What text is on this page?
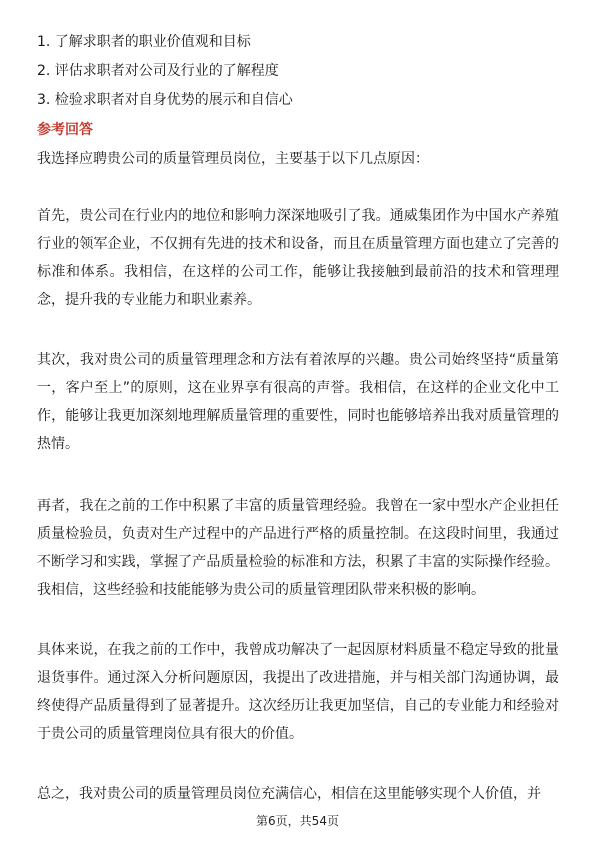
1. 了解求职者的职业价值观和目标
2. 评估求职者对公司及行业的了解程度
3. 检验求职者对自身优势的展示和自信心
参考回答
我选择应聘贵公司的质量管理员岗位，主要基于以下几点原因：

首先，贵公司在行业内的地位和影响力深深地吸引了我。通威集团作为中国水产养殖行业的领军企业，不仅拥有先进的技术和设备，而且在质量管理方面也建立了完善的标准和体系。我相信，在这样的公司工作，能够让我接触到最前沿的技术和管理理念，提升我的专业能力和职业素养。

其次，我对贵公司的质量管理理念和方法有着浓厚的兴趣。贵公司始终坚持“质量第一，客户至上”的原则，这在业界享有很高的声誉。我相信，在这样的企业文化中工作，能够让我更加深刻地理解质量管理的重要性，同时也能够培养出我对质量管理的热情。

再者，我在之前的工作中积累了丰富的质量管理经验。我曾在一家中型水产企业担任质量检验员，负责对生产过程中的产品进行严格的质量控制。在这段时间里，我通过不断学习和实践，掌握了产品质量检验的标准和方法，积累了丰富的实际操作经验。我相信，这些经验和技能能够为贵公司的质量管理团队带来积极的影响。

具体来说，在我之前的工作中，我曾成功解决了一起因原材料质量不稳定导致的批量退货事件。通过深入分析问题原因，我提出了改进措施，并与相关部门沟通协调，最终使得产品质量得到了显著提升。这次经历让我更加坚信，自己的专业能力和经验对于贵公司的质量管理岗位具有很大的价值。

总之，我对贵公司的质量管理员岗位充满信心，相信在这里能够实现个人价值，并

第6页，共54页
